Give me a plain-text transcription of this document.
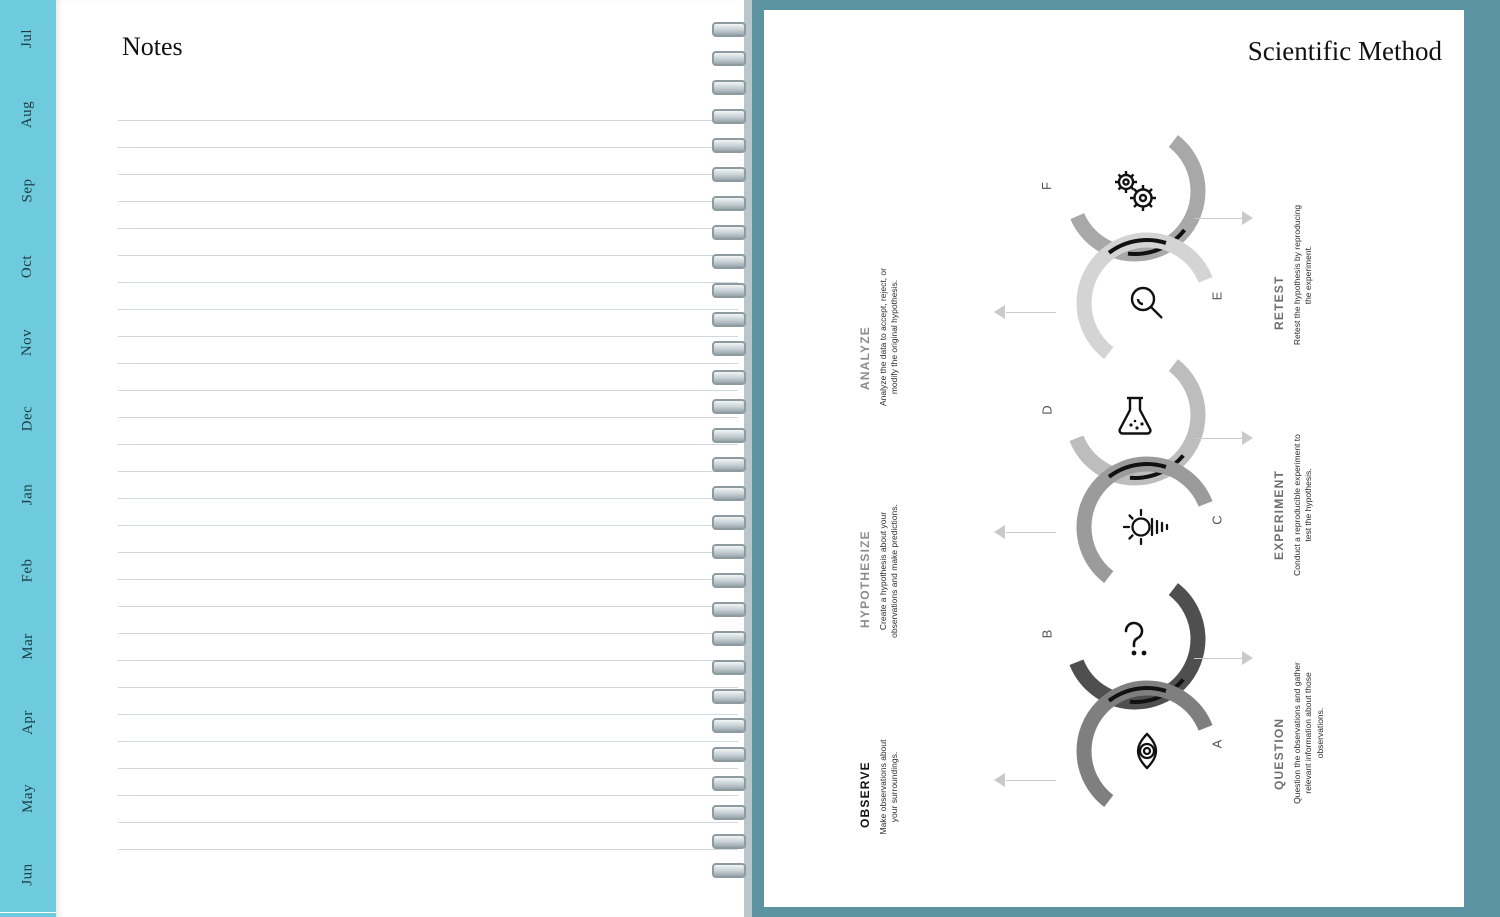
Jul
Aug
Sep
Oct
Nov
Dec
Jan
Feb
Mar
Apr
May
Jun
Notes	Scientific Method
F
E
D
C
B
A
RETEST Retest the hypothesis by reproducing the experiment.
EXPERIMENT Conduct a reproducible experiment to test the hypothesis.
QUESTION Question the observations and gather relevant information about those observations.
ANALYZE Analyze the data to accept, reject, or modify the original hypothesis.
HYPOTHESIZE Create a hypothesis about your observations and make predictions.
OBSERVE Make observations about your surroundings.
